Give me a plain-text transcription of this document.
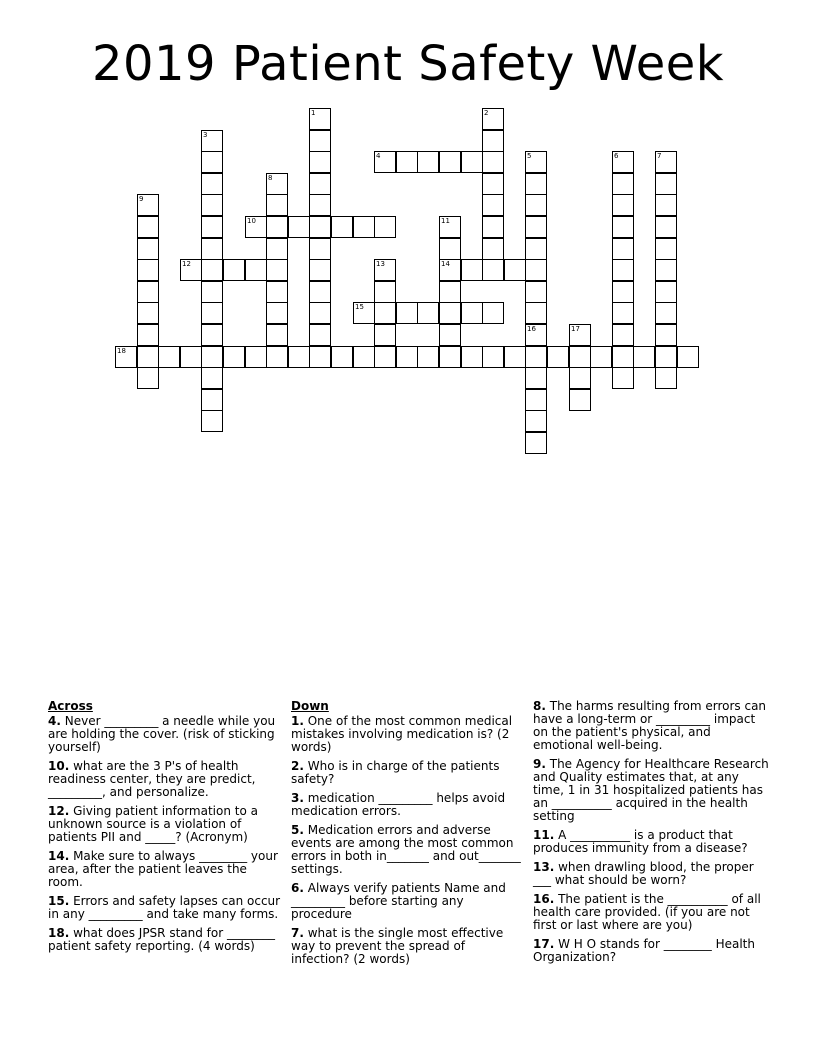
2019 Patient Safety Week
1	2
3
4	5
16
6	7
8
9
10	11
14
12	13
15
17
18
Across
4. Never _________ a needle while you are holding the cover. (risk of sticking yourself)
10. what are the 3 P's of health readiness center, they are predict, _________, and personalize.
12. Giving patient information to a unknown source is a violation of patients PII and _____? (Acronym)
14. Make sure to always ________ your area, after the patient leaves the room.
15. Errors and safety lapses can occur in any _________ and take many forms.
18. what does JPSR stand for ________ patient safety reporting. (4 words)
Down
1. One of the most common medical mistakes involving medication is? (2 words)
2. Who is in charge of the patients safety?
3. medication _________ helps avoid medication errors.
5. Medication errors and adverse events are among the most common errors in both in_______ and out_______ settings.
6. Always verify patients Name and _________ before starting any procedure
7. what is the single most effective way to prevent the spread of infection? (2 words)
8. The harms resulting from errors can have a long-term or _________ impact on the patient's physical, and emotional well-being.
9. The Agency for Healthcare Research and Quality estimates that, at any time, 1 in 31 hospitalized patients has an __________ acquired in the health setting
11. A __________ is a product that produces immunity from a disease?
13. when drawling blood, the proper ___ what should be worn?
16. The patient is the __________ of all health care provided. (if you are not first or last where are you)
17. W H O stands for ________ Health Organization?
